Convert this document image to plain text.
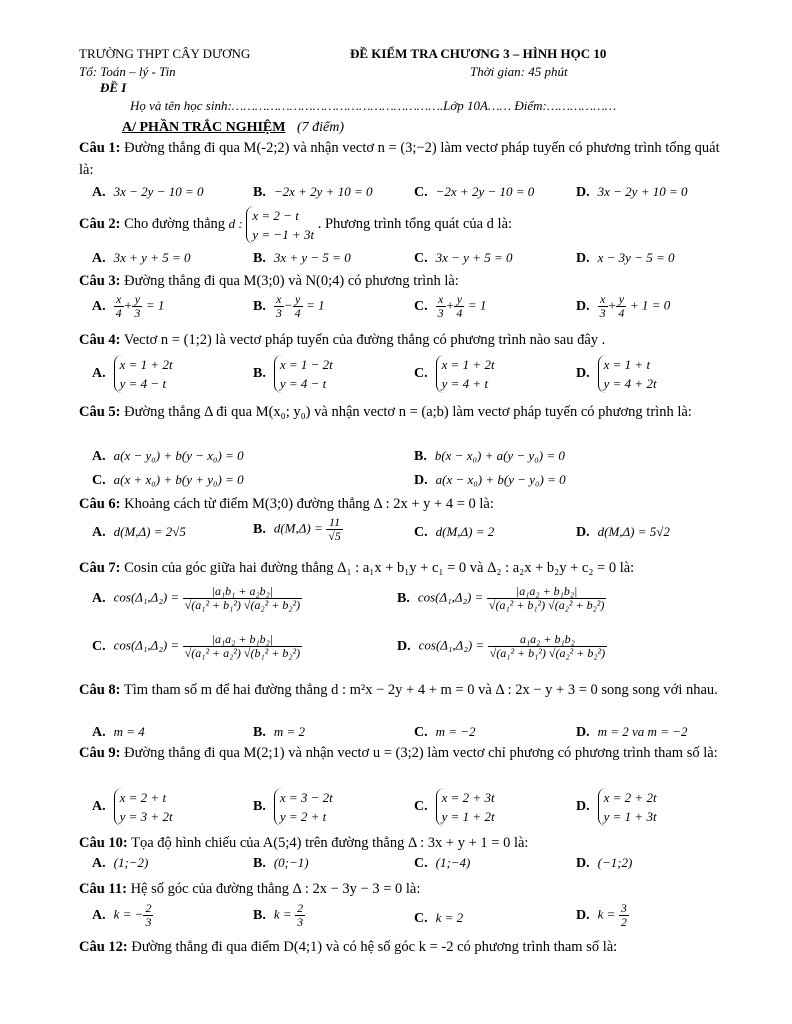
TRƯỜNG THPT CÂY DƯƠNG	ĐỀ KIỂM TRA CHƯƠNG 3 – HÌNH HỌC 10
Tổ: Toán – lý - Tin	Thời gian: 45 phút
ĐỀ I
Họ và tên học sinh:……………………………………………….Lớp 10A…… Điểm:………………
A/ PHẦN TRẮC NGHIỆM (7 điểm)
Câu 1: Đường thẳng đi qua M(-2;2) và nhận vectơ n = (3;−2) làm vectơ pháp tuyến có phương trình tổng quát là:
A. 3x − 2y − 10 = 0	B. −2x + 2y + 10 = 0	C. −2x + 2y − 10 = 0	D. 3x − 2y + 10 = 0
Câu 2: Cho đường thẳng d :
x = 2 − t
y = −1 + 3t
. Phương trình tổng quát của d là:
A. 3x + y + 5 = 0	B. 3x + y − 5 = 0	C. 3x − y + 5 = 0	D. x − 3y − 5 = 0
Câu 3: Đường thẳng đi qua M(3;0) và N(0;4) có phương trình là:
A. $\frac{x}{4} + \frac{y}{3} = 1$	B. $\frac{x}{3} - \frac{y}{4} = 1$	C. $\frac{x}{3} + \frac{y}{4} = 1$	D. $\frac{x}{3} + \frac{y}{4} + 1 = 0$
Câu 4: Vectơ n = (1;2) là vectơ pháp tuyến của đường thẳng có phương trình nào sau đây .
A.
x = 1 + 2t
y = 4 − t
B.
x = 1 − 2t
y = 4 − t
C.
x = 1 + 2t
y = 4 + t
D.
x = 1 + t
y = 4 + 2t
Câu 5: Đường thẳng Δ đi qua M(x₀; y₀) và nhận vectơ n = (a;b) làm vectơ pháp tuyến có phương trình là:
A. a(x − y₀) + b(y − x₀) = 0	B. b(x − x₀) + a(y − y₀) = 0
C. a(x + x₀) + b(y + y₀) = 0	D. a(x − x₀) + b(y − y₀) = 0
Câu 6: Khoảng cách từ điểm M(3;0) đường thẳng Δ : 2x + y + 4 = 0 là:
A. d(M,Δ) = 2√5	B. $d(M,\Delta) = \frac{11}{√5}$	C. d(M,Δ) = 2	D. d(M,Δ) = 5√2
Câu 7: Cosin của góc giữa hai đường thẳng Δ₁ : a₁x + b₁y + c₁ = 0 và Δ₂ : a₂x + b₂y + c₂ = 0 là:
A. $\cos(\Delta_1,\Delta_2) = \frac{\text{|a₁b₁ + a₂b₂|}}{\text{√(a₁² + b₁²) √(a₂² + b₂²)}}$	B. $\cos(\Delta_1,\Delta_2) = \frac{\text{|a₁a₂ + b₁b₂|}}{\text{√(a₁² + b₁²) √(a₂² + b₂²)}}$
C. $\cos(\Delta_1,\Delta_2) = \frac{\text{|a₁a₂ + b₁b₂|}}{\text{√(a₁² + a₂²) √(b₁² + b₂²)}}$	D. $\cos(\Delta_1,\Delta_2) = \frac{\text{a₁a₂ + b₁b₂}}{\text{√(a₁² + b₁²) √(a₂² + b₂²)}}$
Câu 8: Tìm tham số m để hai đường thẳng d : m²x − 2y + 4 + m = 0 và Δ : 2x − y + 3 = 0 song song với nhau.
A. m = 4	B. m = 2	C. m = −2	D. m = 2 va m = −2
Câu 9: Đường thẳng đi qua M(2;1) và nhận vectơ u = (3;2) làm vectơ chỉ phương có phương trình tham số là:
A.
x = 2 + t
y = 3 + 2t
B.
x = 3 − 2t
y = 2 + t
C.
x = 2 + 3t
y = 1 + 2t
D.
x = 2 + 2t
y = 1 + 3t
Câu 10: Tọa độ hình chiếu của A(5;4) trên đường thẳng Δ : 3x + y + 1 = 0 là:
A. (1;−2)	B. (0;−1)	C. (1;−4)	D. (−1;2)
Câu 11: Hệ số góc của đường thẳng Δ : 2x − 3y − 3 = 0 là:
A. k = − $\frac{2}{3}$	B. $k = \frac{2}{3}$	C. k = 2	D. $k = \frac{3}{2}$
Câu 12: Đường thẳng đi qua điểm D(4;1) và có hệ số góc k = -2 có phương trình tham số là:
